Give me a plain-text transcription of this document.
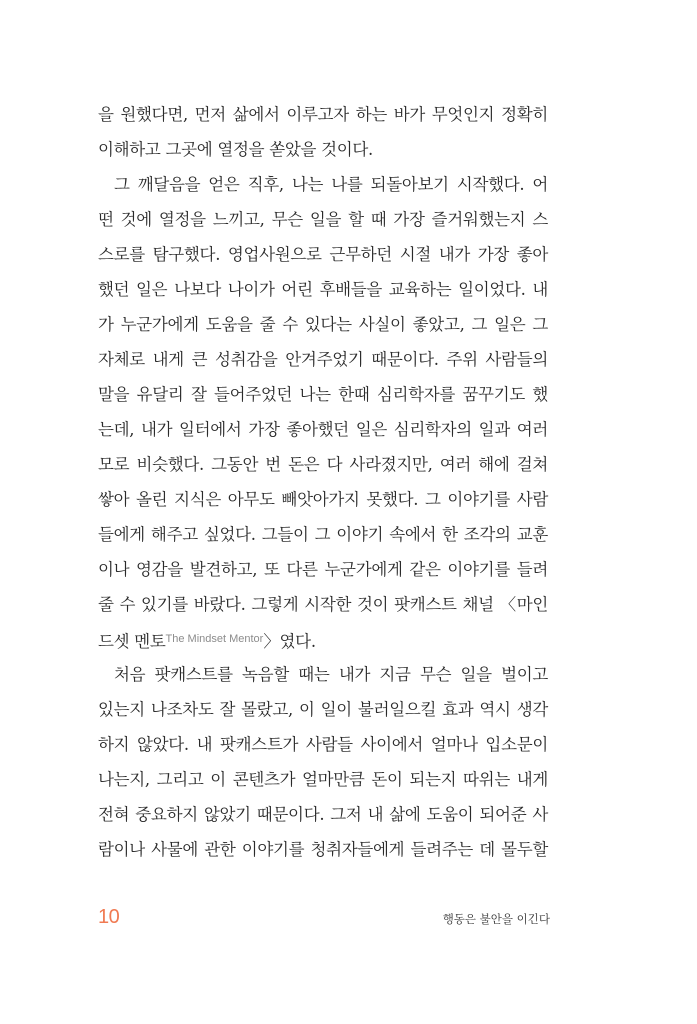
을 원했다면, 먼저 삶에서 이루고자 하는 바가 무엇인지 정확히
이해하고 그곳에 열정을 쏟았을 것이다.
그 깨달음을 얻은 직후, 나는 나를 되돌아보기 시작했다. 어
떤 것에 열정을 느끼고, 무슨 일을 할 때 가장 즐거워했는지 스
스로를 탐구했다. 영업사원으로 근무하던 시절 내가 가장 좋아
했던 일은 나보다 나이가 어린 후배들을 교육하는 일이었다. 내
가 누군가에게 도움을 줄 수 있다는 사실이 좋았고, 그 일은 그
자체로 내게 큰 성취감을 안겨주었기 때문이다. 주위 사람들의
말을 유달리 잘 들어주었던 나는 한때 심리학자를 꿈꾸기도 했
는데, 내가 일터에서 가장 좋아했던 일은 심리학자의 일과 여러
모로 비슷했다. 그동안 번 돈은 다 사라졌지만, 여러 해에 걸쳐
쌓아 올린 지식은 아무도 빼앗아가지 못했다. 그 이야기를 사람
들에게 해주고 싶었다. 그들이 그 이야기 속에서 한 조각의 교훈
이나 영감을 발견하고, 또 다른 누군가에게 같은 이야기를 들려
줄 수 있기를 바랐다. 그렇게 시작한 것이 팟캐스트 채널 〈마인
드셋 멘토$^{The Mindset Mentor}$〉였다.
처음 팟캐스트를 녹음할 때는 내가 지금 무슨 일을 벌이고
있는지 나조차도 잘 몰랐고, 이 일이 불러일으킬 효과 역시 생각
하지 않았다. 내 팟캐스트가 사람들 사이에서 얼마나 입소문이
나는지, 그리고 이 콘텐츠가 얼마만큼 돈이 되는지 따위는 내게
전혀 중요하지 않았기 때문이다. 그저 내 삶에 도움이 되어준 사
람이나 사물에 관한 이야기를 청취자들에게 들려주는 데 몰두할
10	행동은 불안을 이긴다
